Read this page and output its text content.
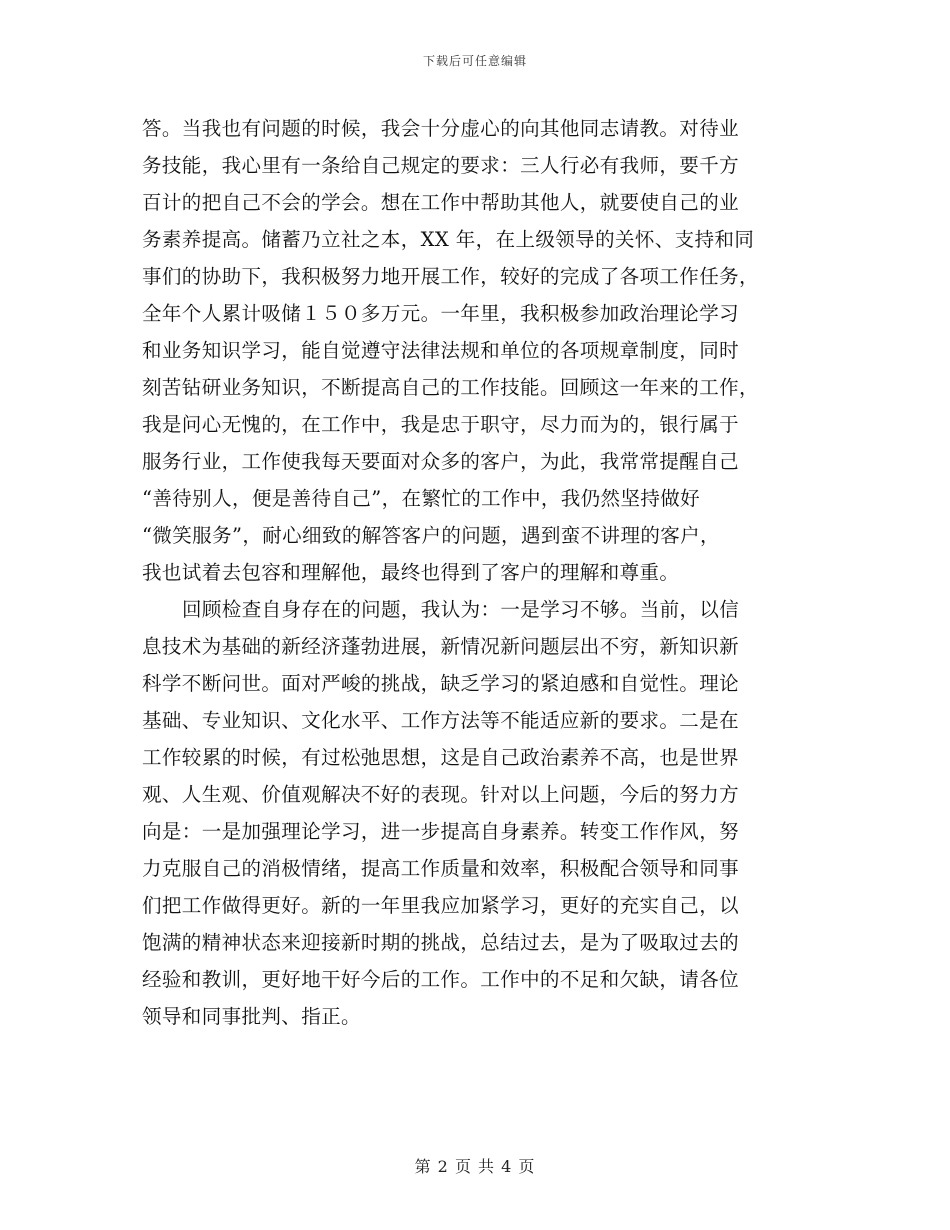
下载后可任意编辑
答。当我也有问题的时候，我会十分虚心的向其他同志请教。对待业
务技能，我心里有一条给自己规定的要求：三人行必有我师，要千方
百计的把自己不会的学会。想在工作中帮助其他人，就要使自己的业
务素养提高。储蓄乃立社之本，XX 年，在上级领导的关怀、支持和同
事们的协助下，我积极努力地开展工作，较好的完成了各项工作任务，
全年个人累计吸储１５０多万元。一年里，我积极参加政治理论学习
和业务知识学习，能自觉遵守法律法规和单位的各项规章制度，同时
刻苦钻研业务知识，不断提高自己的工作技能。回顾这一年来的工作，
我是问心无愧的，在工作中，我是忠于职守，尽力而为的，银行属于
服务行业，工作使我每天要面对众多的客户，为此，我常常提醒自己
“善待别人，便是善待自己”，在繁忙的工作中，我仍然坚持做好
“微笑服务”，耐心细致的解答客户的问题，遇到蛮不讲理的客户，
我也试着去包容和理解他，最终也得到了客户的理解和尊重。
回顾检查自身存在的问题，我认为：一是学习不够。当前，以信
息技术为基础的新经济蓬勃进展，新情况新问题层出不穷，新知识新
科学不断问世。面对严峻的挑战，缺乏学习的紧迫感和自觉性。理论
基础、专业知识、文化水平、工作方法等不能适应新的要求。二是在
工作较累的时候，有过松弛思想，这是自己政治素养不高，也是世界
观、人生观、价值观解决不好的表现。针对以上问题，今后的努力方
向是：一是加强理论学习，进一步提高自身素养。转变工作作风，努
力克服自己的消极情绪，提高工作质量和效率，积极配合领导和同事
们把工作做得更好。新的一年里我应加紧学习，更好的充实自己，以
饱满的精神状态来迎接新时期的挑战，总结过去，是为了吸取过去的
经验和教训，更好地干好今后的工作。工作中的不足和欠缺，请各位
领导和同事批判、指正。
第 2 页 共 4 页
